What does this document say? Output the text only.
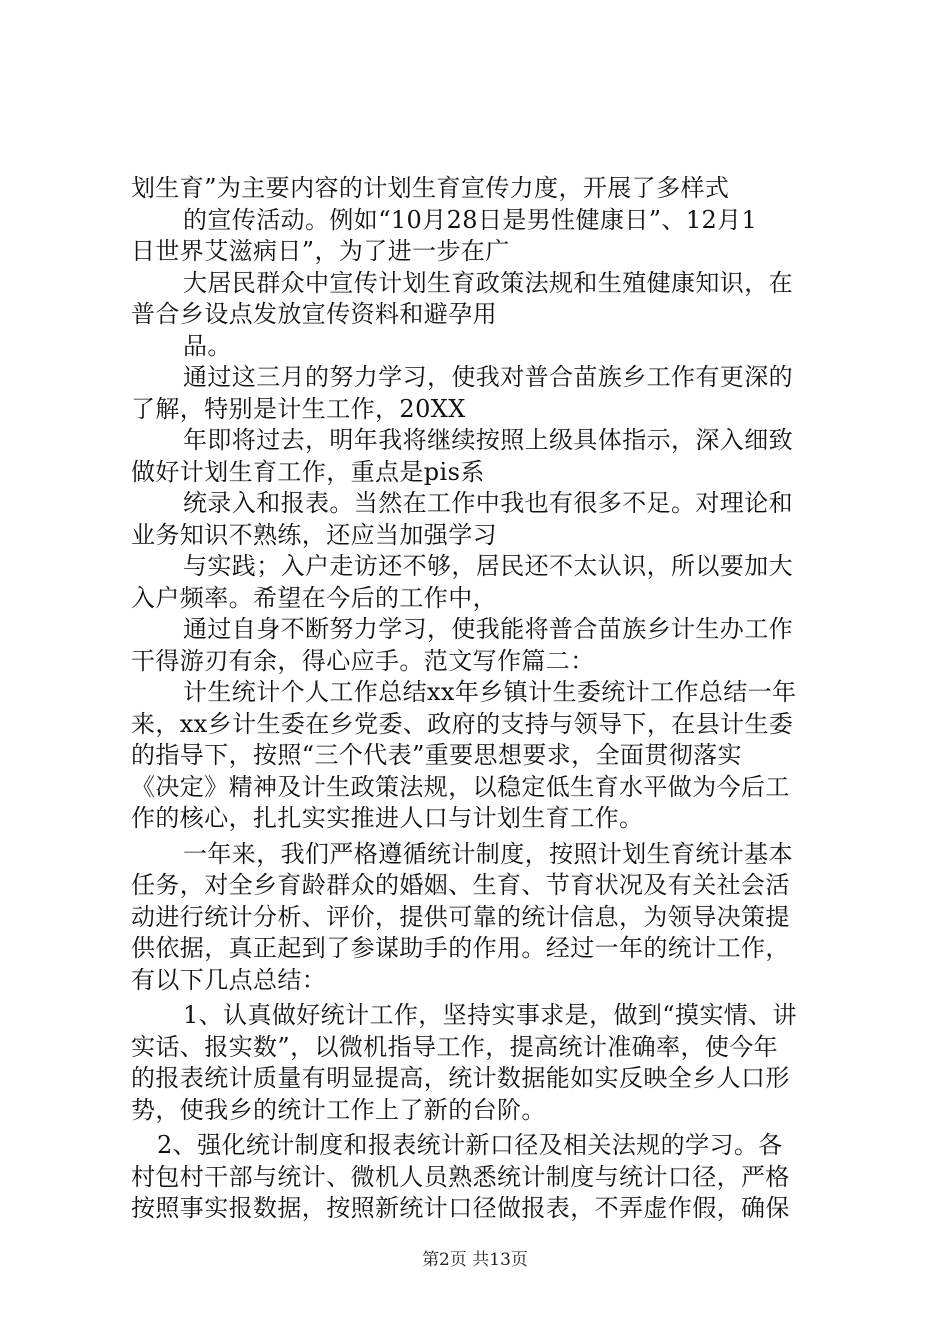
划生育”为主要内容的计划生育宣传力度，开展了多样式
的宣传活动。例如“10月28日是男性健康日”、12月1
日世界艾滋病日”，为了进一步在广
大居民群众中宣传计划生育政策法规和生殖健康知识，在
普合乡设点发放宣传资料和避孕用
品。
通过这三月的努力学习，使我对普合苗族乡工作有更深的
了解，特别是计生工作，20XX
年即将过去，明年我将继续按照上级具体指示，深入细致
做好计划生育工作，重点是pis系
统录入和报表。当然在工作中我也有很多不足。对理论和
业务知识不熟练，还应当加强学习
与实践；入户走访还不够，居民还不太认识，所以要加大
入户频率。希望在今后的工作中，
通过自身不断努力学习，使我能将普合苗族乡计生办工作
干得游刃有余，得心应手。范文写作篇二：
计生统计个人工作总结xx年乡镇计生委统计工作总结一年
来，xx乡计生委在乡党委、政府的支持与领导下，在县计生委
的指导下，按照“三个代表”重要思想要求，全面贯彻落实
《决定》精神及计生政策法规，以稳定低生育水平做为今后工
作的核心，扎扎实实推进人口与计划生育工作。
一年来，我们严格遵循统计制度，按照计划生育统计基本
任务，对全乡育龄群众的婚姻、生育、节育状况及有关社会活
动进行统计分析、评价，提供可靠的统计信息，为领导决策提
供依据，真正起到了参谋助手的作用。经过一年的统计工作，
有以下几点总结：
1、认真做好统计工作，坚持实事求是，做到“摸实情、讲
实话、报实数”，以微机指导工作，提高统计准确率，使今年
的报表统计质量有明显提高，统计数据能如实反映全乡人口形
势，使我乡的统计工作上了新的台阶。
2、强化统计制度和报表统计新口径及相关法规的学习。各
村包村干部与统计、微机人员熟悉统计制度与统计口径，严格
按照事实报数据，按照新统计口径做报表，不弄虚作假，确保
第2页 共13页
